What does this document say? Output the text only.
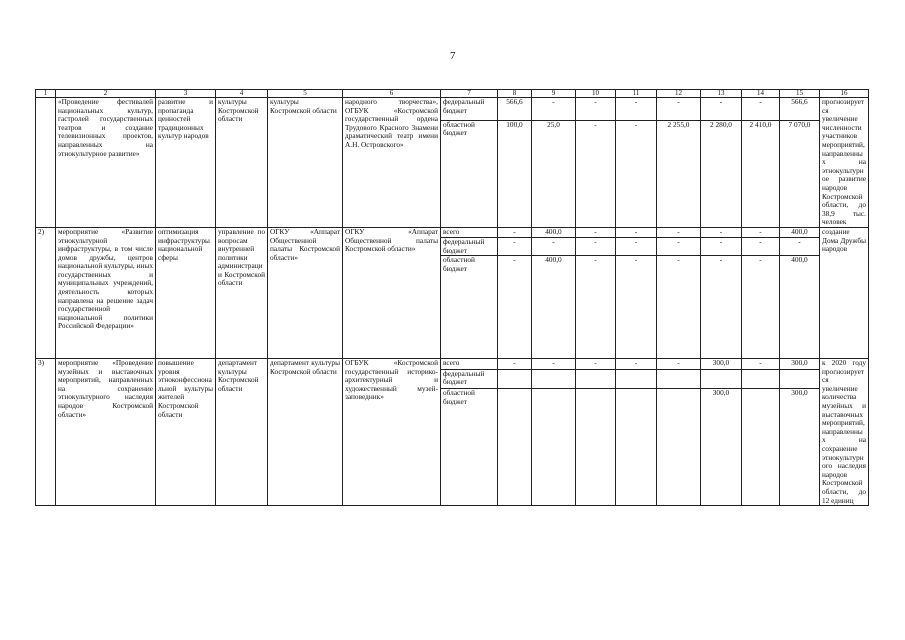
7
1	2	3	4	5	6	7	8	9	10	11	12	13	14	15	16
	«Проведение фестивалей национальных культур, гастролей государственных театров и создание телевизионных проектов, направленных на этнокультурное развитие»	развитие и пропаганда ценностей традиционных культур народов	культуры Костромской области	культуры Костромской области	народного творчества», ОГБУК «Костромской государственный ордена Трудового Красного Знамени драматический театр имени А.Н. Островского»	федеральный бюджет	566,6	-	-	-	-	-	-	566,6	прогнозируется увеличение численности участников мероприятий, направленных на этнокультурное развитие народов Костромской области, до 38,9 тыс. человек
						областной бюджет	100,0	25,0	-	-	2 255,0	2 280,0	2 410,0	7 070,0	
2)	мероприятие «Развитие этнокультурной инфраструктуры, в том числе домов дружбы, центров национальной культуры, иных государственных и муниципальных учреждений, деятельность которых направлена на решение задач государственной национальной политики Российской Федерации»	оптимизация инфраструктуры национальной сферы	управление по вопросам внутренней политики администрации Костромской области	ОГКУ «Аппарат Общественной палаты Костромской области»	ОГКУ «Аппарат Общественной палаты Костромской области»	всего	-	400,0	-	-	-	-	-	400,0	создание Дома Дружбы народов
						федеральный бюджет	-	-	-	-	-	-	-	-	
						областной бюджет	-	400,0	-	-	-	-	-	400,0	
3)	мероприятие «Проведение музейных и выставочных мероприятий, направленных на сохранение этнокультурного наследия народов Костромской области»	повышение уровня этноконфессиональной культуры жителей Костромской области	департамент культуры Костромской области	департамент культуры Костромской области	ОГБУК «Костромской государственный историко-архитектурный и художественный музей-заповедник»	всего	-	-	-	-	-	300,0	-	300,0	к 2020 году прогнозируется увеличение количества музейных и выставочных мероприятий, направленных на сохранение этнокультурного наследия народов Костромской области, до 12 единиц
						федеральный бюджет									
						областной бюджет						300,0		300,0	
